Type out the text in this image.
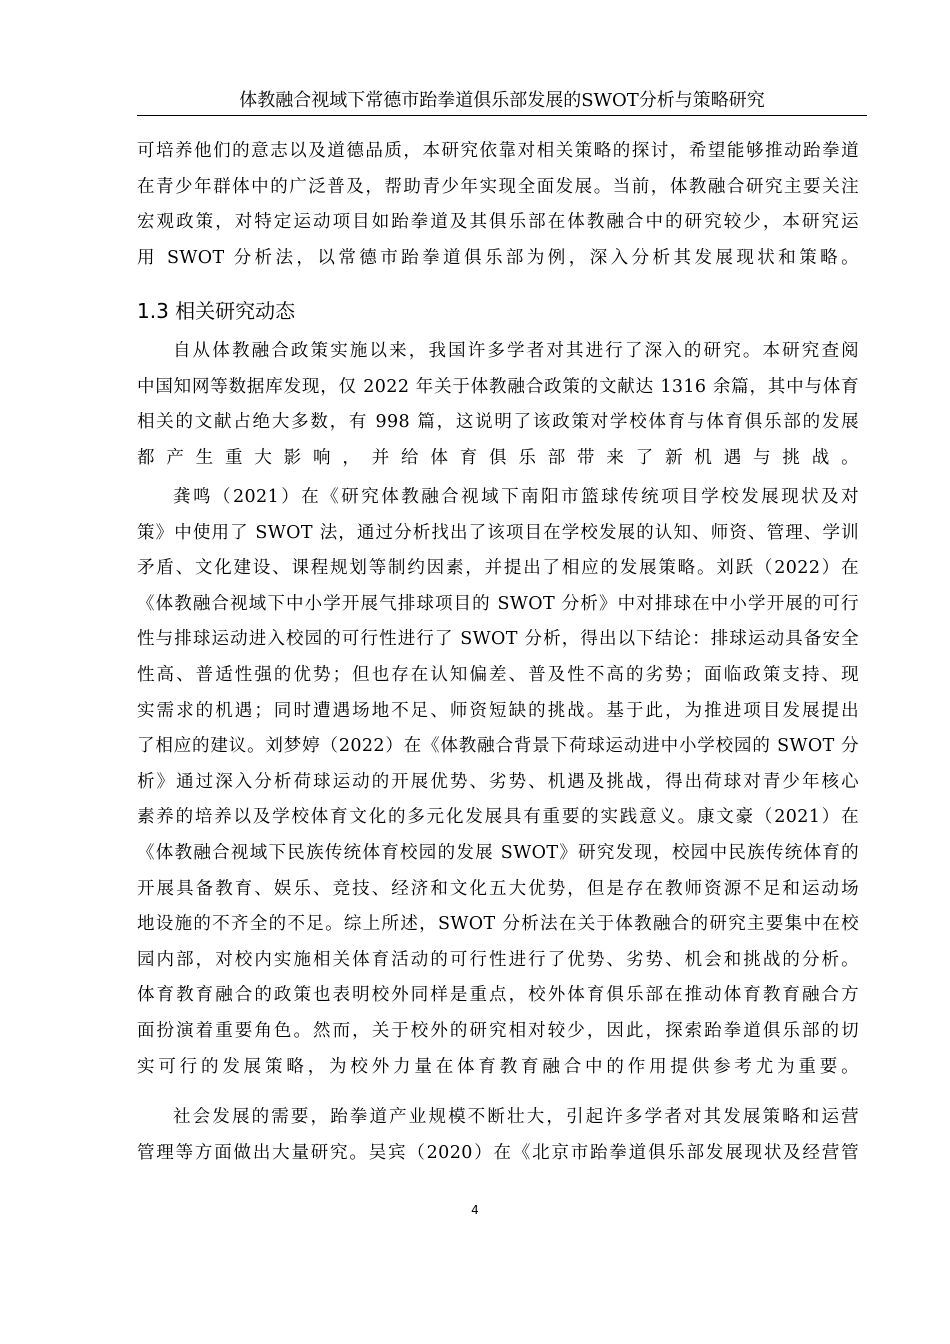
体教融合视域下常德市跆拳道俱乐部发展的SWOT分析与策略研究

可培养他们的意志以及道德品质，本研究依靠对相关策略的探讨，希望能够推动跆拳道
在青少年群体中的广泛普及，帮助青少年实现全面发展。当前，体教融合研究主要关注
宏观政策，对特定运动项目如跆拳道及其俱乐部在体教融合中的研究较少，本研究运
用 SWOT 分析法，以常德市跆拳道俱乐部为例，深入分析其发展现状和策略。

1.3 相关研究动态

自从体教融合政策实施以来，我国许多学者对其进行了深入的研究。本研究查阅
中国知网等数据库发现，仅 2022 年关于体教融合政策的文献达 1316 余篇，其中与体育
相关的文献占绝大多数，有 998 篇，这说明了该政策对学校体育与体育俱乐部的发展
都产生重大影响，并给体育俱乐部带来了新机遇与挑战。

龚鸣（2021）在《研究体教融合视域下南阳市篮球传统项目学校发展现状及对
策》中使用了 SWOT 法，通过分析找出了该项目在学校发展的认知、师资、管理、学训
矛盾、文化建设、课程规划等制约因素，并提出了相应的发展策略。刘跃（2022）在
《体教融合视域下中小学开展气排球项目的 SWOT 分析》中对排球在中小学开展的可行
性与排球运动进入校园的可行性进行了 SWOT 分析，得出以下结论：排球运动具备安全
性高、普适性强的优势；但也存在认知偏差、普及性不高的劣势；面临政策支持、现
实需求的机遇；同时遭遇场地不足、师资短缺的挑战。基于此，为推进项目发展提出
了相应的建议。刘梦婷（2022）在《体教融合背景下荷球运动进中小学校园的 SWOT 分
析》通过深入分析荷球运动的开展优势、劣势、机遇及挑战，得出荷球对青少年核心
素养的培养以及学校体育文化的多元化发展具有重要的实践意义。康文豪（2021）在
《体教融合视域下民族传统体育校园的发展 SWOT》研究发现，校园中民族传统体育的
开展具备教育、娱乐、竞技、经济和文化五大优势，但是存在教师资源不足和运动场
地设施的不齐全的不足。综上所述，SWOT 分析法在关于体教融合的研究主要集中在校
园内部，对校内实施相关体育活动的可行性进行了优势、劣势、机会和挑战的分析。
体育教育融合的政策也表明校外同样是重点，校外体育俱乐部在推动体育教育融合方
面扮演着重要角色。然而，关于校外的研究相对较少，因此，探索跆拳道俱乐部的切
实可行的发展策略，为校外力量在体育教育融合中的作用提供参考尤为重要。

社会发展的需要，跆拳道产业规模不断壮大，引起许多学者对其发展策略和运营
管理等方面做出大量研究。吴宾（2020）在《北京市跆拳道俱乐部发展现状及经营管

4
